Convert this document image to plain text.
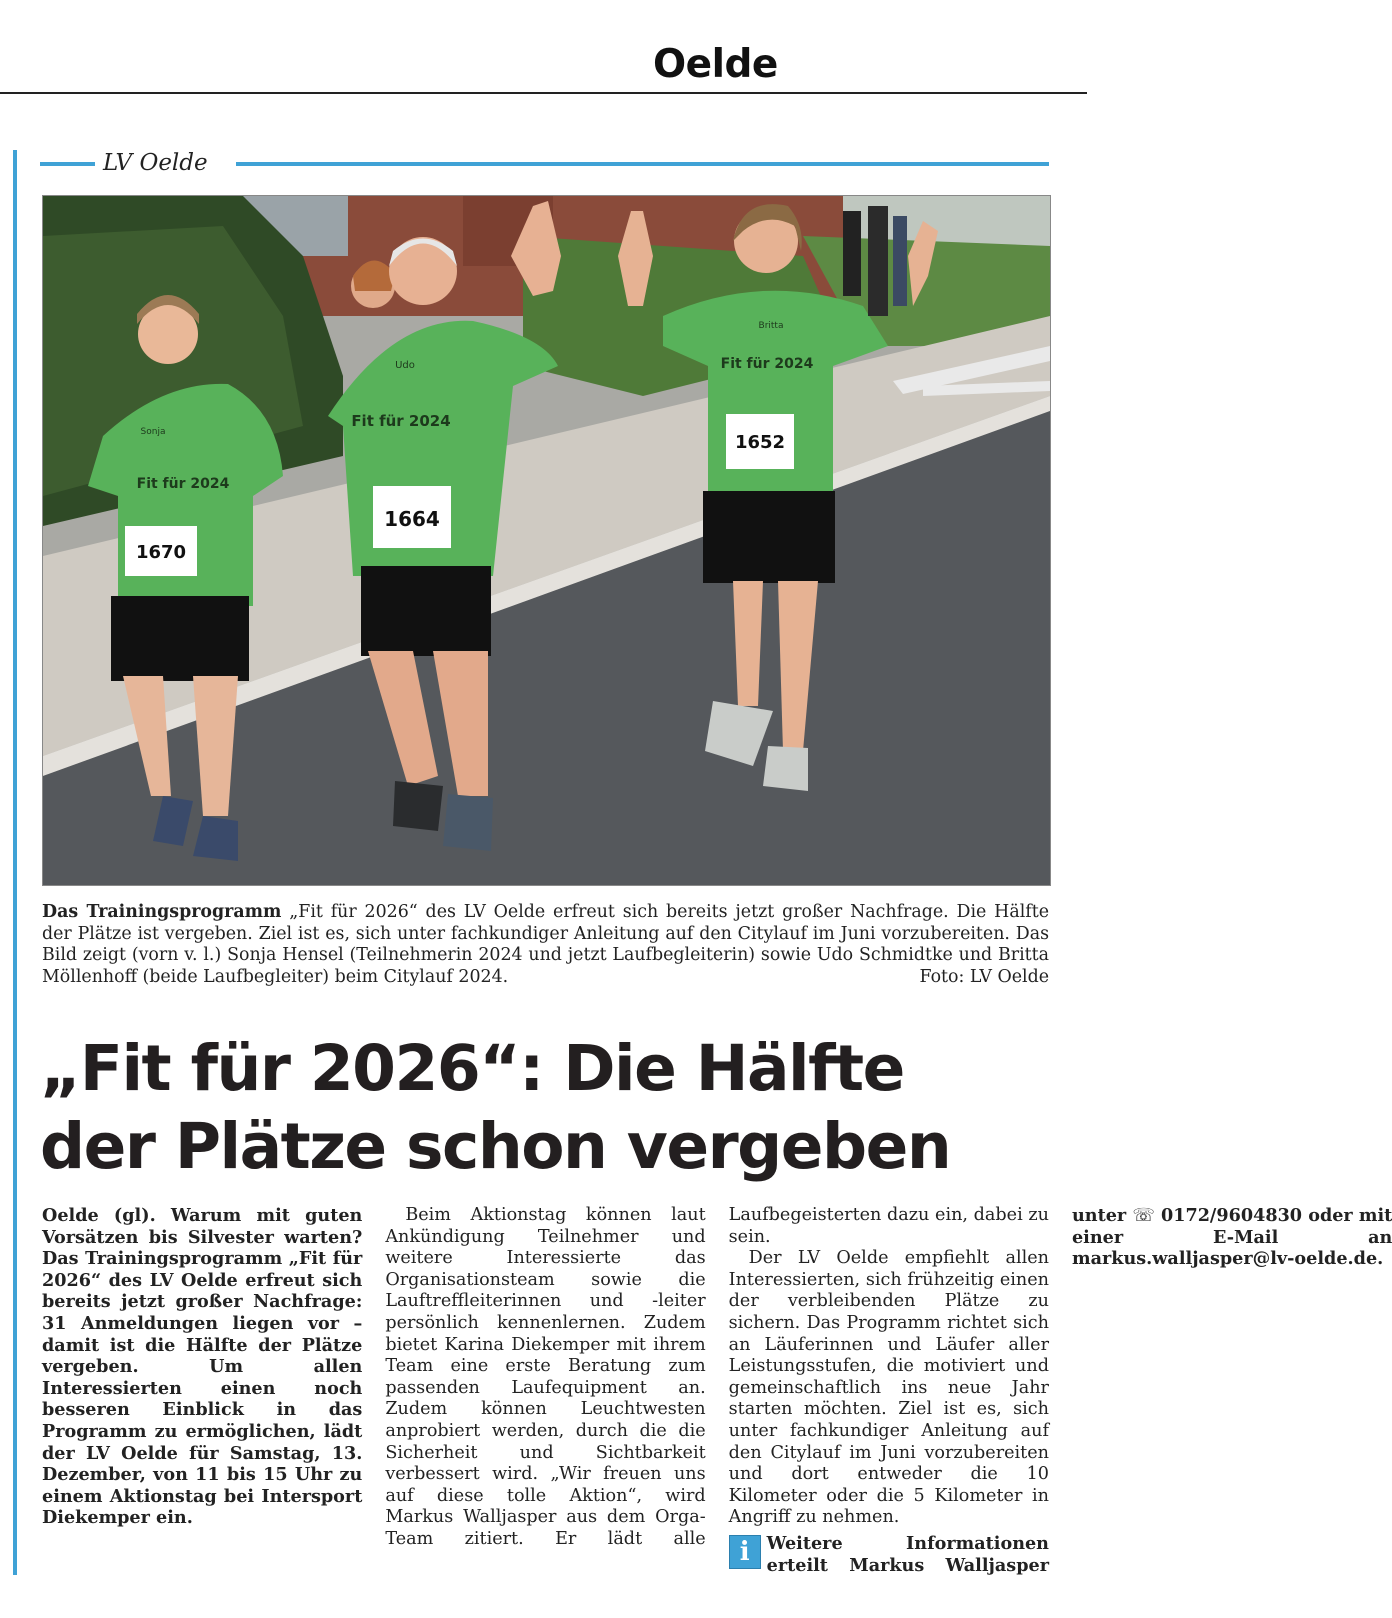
Oelde
LV Oelde
1670
Fit für 2024
Sonja
1664
Fit für 2024
Udo
1652
Fit für 2024
Britta
Das Trainingsprogramm „Fit für 2026“ des LV Oelde erfreut sich bereits jetzt großer Nachfrage. Die Hälfte der Plätze ist vergeben. Ziel ist es, sich unter fachkundiger Anleitung auf den Citylauf im Juni vorzubereiten. Das Bild zeigt (vorn v. l.) Sonja Hensel (Teilnehmerin 2024 und jetzt Laufbegleiterin) sowie Udo Schmidtke und Britta Möllenhoff (beide Laufbegleiter) beim Citylauf 2024.	Foto: LV Oelde
„Fit für 2026“: Die Hälfte
der Plätze schon vergeben

Oelde (gl). Warum mit guten Vorsätzen bis Silvester warten? Das Trainingsprogramm „Fit für 2026“ des LV Oelde erfreut sich bereits jetzt großer Nachfrage: 31 Anmeldungen liegen vor – damit ist die Hälfte der Plätze vergeben. Um allen Interessierten einen noch besseren Einblick in das Programm zu ermöglichen, lädt der LV Oelde für Samstag, 13. Dezember, von 11 bis 15 Uhr zu einem Aktionstag bei Intersport Diekemper ein.

Beim Aktionstag können laut Ankündigung Teilnehmer und weitere Interessierte das Organisationsteam sowie die Lauftreffleiterinnen und -leiter persönlich kennenlernen. Zudem bietet Karina Diekemper mit ihrem Team eine erste Beratung zum passenden Laufequipment an. Zudem können Leuchtwesten anprobiert werden, durch die die Sicherheit und Sichtbarkeit verbessert wird. „Wir freuen uns auf diese tolle Aktion“, wird Markus Walljasper aus dem Orga-Team zitiert. Er lädt alle Laufbegeisterten dazu ein, dabei zu sein.

Der LV Oelde empfiehlt allen Interessierten, sich frühzeitig einen der verbleibenden Plätze zu sichern. Das Programm richtet sich an Läuferinnen und Läufer aller Leistungsstufen, die motiviert und gemeinschaftlich ins neue Jahr starten möchten. Ziel ist es, sich unter fachkundiger Anleitung auf den Citylauf im Juni vorzubereiten und dort entweder die 10 Kilometer oder die 5 Kilometer in Angriff zu nehmen.

i Weitere Informationen erteilt Markus Walljasper unter ☏ 0172/9604830 oder mit einer E-Mail an markus.walljasper@lv-oelde.de.
